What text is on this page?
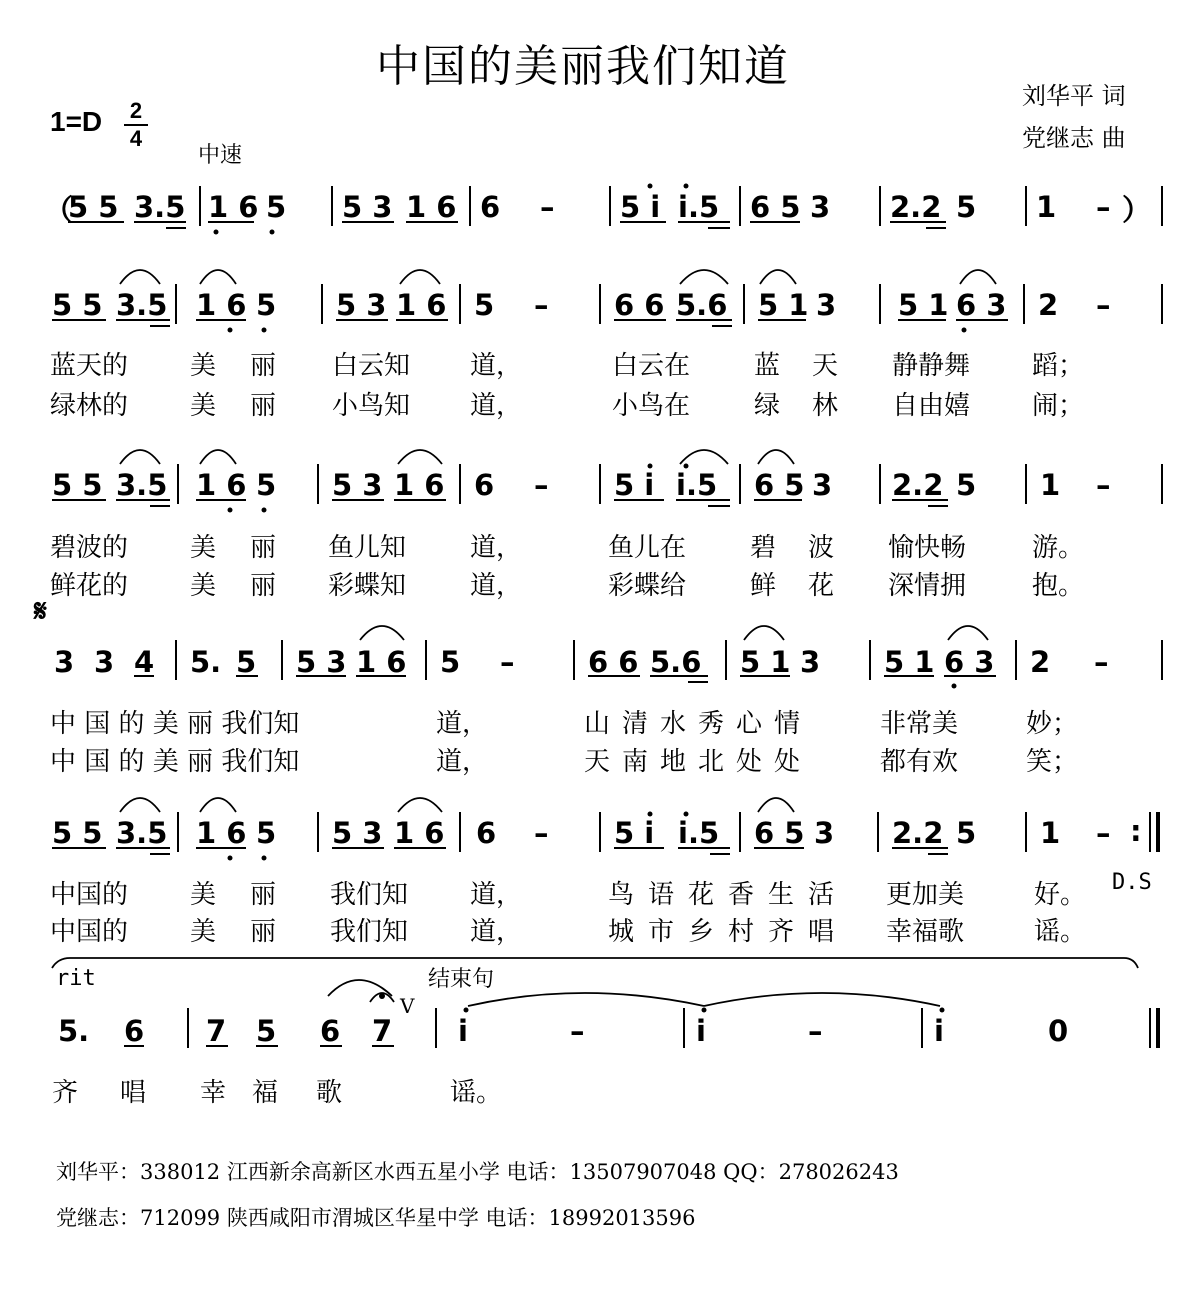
中国的美丽我们知道
刘华平 词
党继志 曲
1=D 2
4
中速
（
5 5 3.5 1 6 5 5 3 1 6 6 – 5 i i.5 6 5 3 2.2 5 1 – ）
5 5 3.5 1 6 5 5 3 1 6 5 – 6 6 5.6 5 1 3 5 1 6 3 2 –
蓝天的 美 丽 白云知 道，	白云在 蓝 天 静静舞 蹈；
绿林的 美 丽 小鸟知 道，	小鸟在 绿 林 自由嬉 闹；
5 5 3.5 1 6 5 5 3 1 6 6 – 5 i i.5 6 5 3 2.2 5 1 –
碧波的 美 丽 鱼儿知 道，	鱼儿在 碧 波 愉快畅	游。
鲜花的 美 丽 彩蝶知 道，	彩蝶给 鲜 花 深情拥	抱。
𝄋
3 3 4 5. 5 5 3 1 6 5 –	6 6 5.6 5 1 3 5 1 6 3 2 –
中 国 的 美 丽 我们知	道，	山清水秀心情	非常美	妙；
中 国 的 美 丽 我们知	道，	天南地北处处	都有欢	笑；
5 5 3.5 1 6 5 5 3 1 6 6 – 5 i i.5 6 5 3 2.2 5 1 – :
中国的 美 丽 我们知 道，	鸟语花香生活 更加美	好。 D.S
中国的 美 丽 我们知 道，	城市乡村齐唱 幸福歌	谣。
rit	结束句
V
5. 6 7 5 6 7 i	–	i	–	i	0
齐 唱 幸 福 歌	谣。
刘华平：338012 江西新余高新区水西五星小学 电话：13507907048 QQ：278026243
党继志：712099 陕西咸阳市渭城区华星中学 电话：18992013596
